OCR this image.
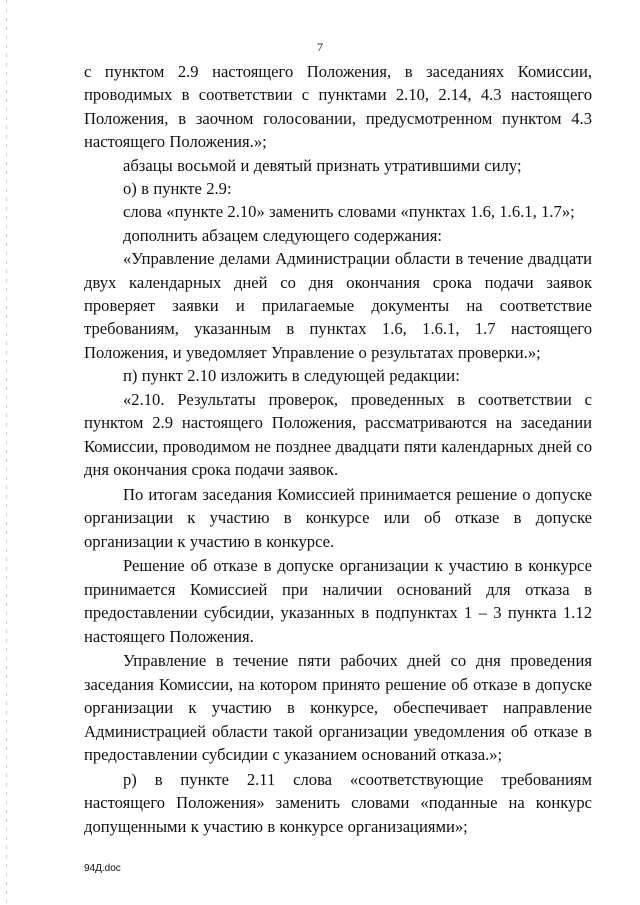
7

с пунктом 2.9 настоящего Положения, в заседаниях Комиссии, проводимых в соответствии с пунктами 2.10, 2.14, 4.3 настоящего Положения, в заочном голосовании, предусмотренном пунктом 4.3 настоящего Положения.»;

абзацы восьмой и девятый признать утратившими силу;

о) в пункте 2.9:

слова «пункте 2.10» заменить словами «пунктах 1.6, 1.6.1, 1.7»;

дополнить абзацем следующего содержания:

«Управление делами Администрации области в течение двадцати двух календарных дней со дня окончания срока подачи заявок проверяет заявки и прилагаемые документы на соответствие требованиям, указанным в пунктах 1.6, 1.6.1, 1.7 настоящего Положения, и уведомляет Управление о результатах проверки.»;

п) пункт 2.10 изложить в следующей редакции:

«2.10. Результаты проверок, проведенных в соответствии с пунктом 2.9 настоящего Положения, рассматриваются на заседании Комиссии, проводимом не позднее двадцати пяти календарных дней со дня окончания срока подачи заявок.

По итогам заседания Комиссией принимается решение о допуске организации к участию в конкурсе или об отказе в допуске организации к участию в конкурсе.

Решение об отказе в допуске организации к участию в конкурсе принимается Комиссией при наличии оснований для отказа в предоставлении субсидии, указанных в подпунктах 1 – 3 пункта 1.12 настоящего Положения.

Управление в течение пяти рабочих дней со дня проведения заседания Комиссии, на котором принято решение об отказе в допуске организации к участию в конкурсе, обеспечивает направление Администрацией области такой организации уведомления об отказе в предоставлении субсидии с указанием оснований отказа.»;

р) в пункте 2.11 слова «соответствующие требованиям настоящего Положения» заменить словами «поданные на конкурс допущенными к участию в конкурсе организациями»;

94Д.doc
